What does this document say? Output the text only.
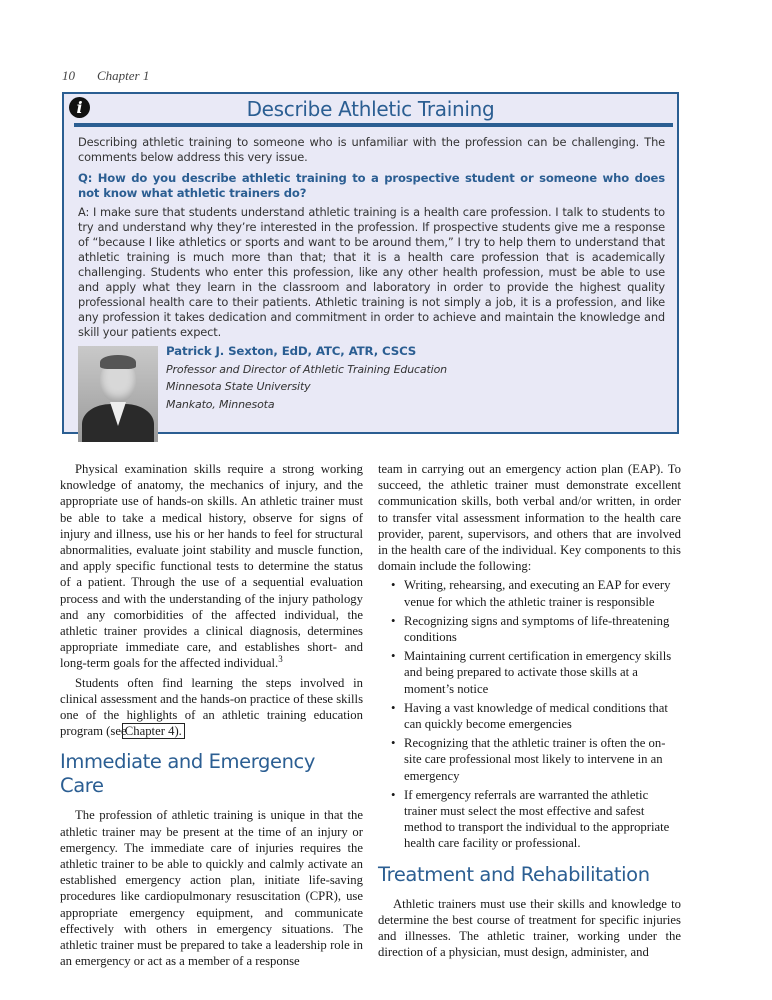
10 Chapter 1
i	Describe Athletic Training

Describing athletic training to someone who is unfamiliar with the profession can be challenging. The comments below address this very issue.

Q: How do you describe athletic training to a prospective student or someone who does not know what athletic trainers do?

A: I make sure that students understand athletic training is a health care profession. I talk to students to try and understand why they’re interested in the profession. If prospective students give me a response of “because I like athletics or sports and want to be around them,” I try to help them to understand that athletic training is much more than that; that it is a health care profession that is academically challenging. Students who enter this profession, like any other health profession, must be able to use and apply what they learn in the classroom and laboratory in order to provide the highest quality professional health care to their patients. Athletic training is not simply a job, it is a profession, and like any profession it takes dedication and commitment in order to achieve and maintain the knowledge and skill your patients expect.

Patrick J. Sexton, EdD, ATC, ATR, CSCS
Professor and Director of Athletic Training Education
Minnesota State University
Mankato, Minnesota

Physical examination skills require a strong working knowledge of anatomy, the mechanics of injury, and the appropriate use of hands-on skills. An athletic trainer must be able to take a medical history, observe for signs of injury and illness, use his or her hands to feel for structural abnormalities, evaluate joint stability and muscle function, and apply specific functional tests to determine the status of a patient. Through the use of a sequential evaluation process and with the understanding of the injury pathology and any comorbidities of the affected individual, the athletic trainer provides a clinical diagnosis, determines appropriate immediate care, and establishes short- and long-term goals for the affected individual.$^3$

Students often find learning the steps involved in clinical assessment and the hands-on practice of these skills one of the highlights of an athletic training education program (see Chapter 4).

Immediate and Emergency Care

The profession of athletic training is unique in that the athletic trainer may be present at the time of an injury or emergency. The immediate care of injuries requires the athletic trainer to be able to quickly and calmly activate an established emergency action plan, initiate life-saving procedures like cardiopulmonary resuscitation (CPR), use appropriate emergency equipment, and communicate effectively with others in emergency situations. The athletic trainer must be prepared to take a leadership role in an emergency or act as a member of a response

team in carrying out an emergency action plan (EAP). To succeed, the athletic trainer must demonstrate excellent communication skills, both verbal and/or written, in order to transfer vital assessment information to the health care provider, parent, supervisors, and others that are involved in the health care of the individual. Key components to this domain include the following:

• Writing, rehearsing, and executing an EAP for every venue for which the athletic trainer is responsible
• Recognizing signs and symptoms of life-threatening conditions
• Maintaining current certification in emergency skills and being prepared to activate those skills at a moment’s notice
• Having a vast knowledge of medical conditions that can quickly become emergencies
• Recognizing that the athletic trainer is often the on-site care professional most likely to intervene in an emergency
• If emergency referrals are warranted the athletic trainer must select the most effective and safest method to transport the individual to the appropriate health care facility or professional.
Treatment and Rehabilitation

Athletic trainers must use their skills and knowledge to determine the best course of treatment for specific injuries and illnesses. The athletic trainer, working under the direction of a physician, must design, administer, and
